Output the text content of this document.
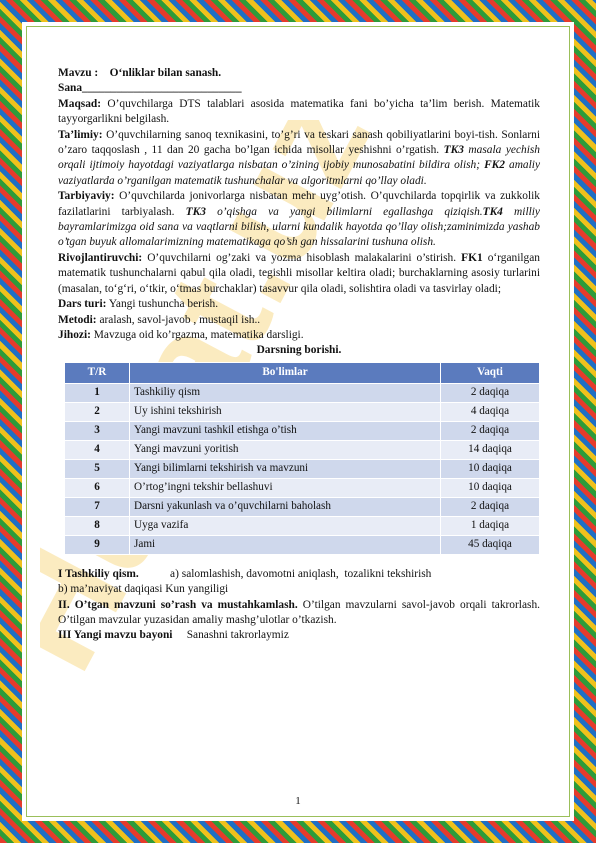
Mavzu : O‘nliklar bilan sanash.

Sana____________________________

Maqsad: O’quvchilarga DTS talablari asosida matematika fani bo’yicha ta’lim berish. Matematik tayyorgarlikni belgilash.

Ta’limiy: O’quvchilarning sanoq texnikasini, to’g’ri va teskari sanash qobiliyatlarini boyi-tish. Sonlarni o’zaro taqqoslash , 11 dan 20 gacha bo’lgan ichida misollar yeshishni o’rgatish. TK3 masala yechish orqali ijtimoiy hayotdagi vaziyatlarga nisbatan o’zining ijobiy munosabatini bildira olish; FK2 amaliy vaziyatlarda o’rganilgan matematik tushunchalar va algoritmlarni qo’llay oladi.

Tarbiyaviy: O’quvchilarda jonivorlarga nisbatan mehr uyg’otish. O’quvchilarda topqirlik va zukkolik fazilatlarini tarbiyalash. TK3 o’qishga va yangi bilimlarni egallashga qiziqish.TK4 milliy bayramlarimizga oid sana va vaqtlarni bilish, ularni kundalik hayotda qo’llay olish;zaminimizda yashab o’tgan buyuk allomalarimizning matematikaga qo’sh gan hissalarini tushuna olish.

Rivojlantiruvchi: O’quvchilarni og’zaki va yozma hisoblash malakalarini o’stirish. FK1 o‘rganilgan matematik tushunchalarni qabul qila oladi, tegishli misollar keltira oladi; burchaklarning asosiy turlarini (masalan, to‘g‘ri, o‘tkir, o‘tmas burchaklar) tasavvur qila oladi, solishtira oladi va tasvirlay oladi;

Dars turi: Yangi tushuncha berish.

Metodi: aralash, savol-javob , mustaqil ish..

Jihozi: Mavzuga oid ko’rgazma, matematika darsligi.

Darsning borishi.

T/R	Bo'limlar	Vaqti
1	Tashkiliy qism	2 daqiqa
2	Uy ishini tekshirish	4 daqiqa
3	Yangi mavzuni tashkil etishga o’tish	2 daqiqa
4	Yangi mavzuni yoritish	14 daqiqa
5	Yangi bilimlarni tekshirish va mavzuni	10 daqiqa
6	O’rtog’ingni tekshir bellashuvi	10 daqiqa
7	Darsni yakunlash va o’quvchilarni baholash	2 daqiqa
8	Uyga vazifa	1 daqiqa
9	Jami	45 daqiqa

I Tashkiliy qism.           a) salomlashish, davomotni aniqlash,  tozalikni tekshirish

b) ma’naviyat daqiqasi Kun yangiligi

II. O’tgan mavzuni so’rash va mustahkamlash. O’tilgan mavzularni savol-javob orqali takrorlash. O’tilgan mavzular yuzasidan amaliy mashg’ulotlar o’tkazish.

III Yangi mavzu bayoni     Sanashni takrorlaymiz

1
